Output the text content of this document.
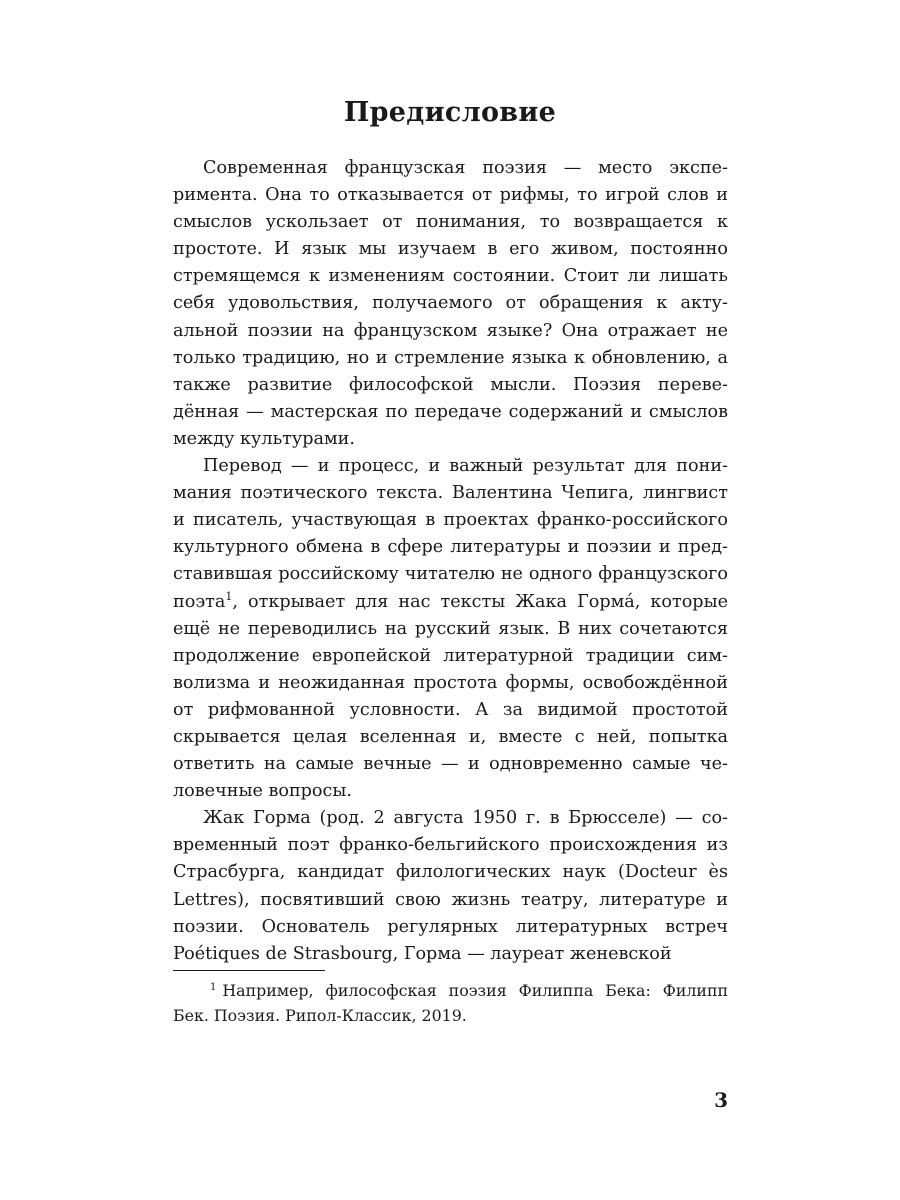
Предисловие

Современная французская поэзия — место эксперимента. Она то отказывается от рифмы, то игрой слов и смыслов ускользает от понимания, то возвращается к простоте. И язык мы изучаем в его живом, постоянно стремящемся к изменениям состоянии. Стоит ли лишать себя удовольствия, получаемого от обращения к актуальной поэзии на французском языке? Она отражает не только традицию, но и стремление языка к обновлению, а также развитие философской мысли. Поэзия переведённая — мастерская по передаче содержаний и смыслов между культурами.

Перевод — и процесс, и важный результат для понимания поэтического текста. Валентина Чепига, лингвист и писатель, участвующая в проектах франко-российского культурного обмена в сфере литературы и поэзии и представившая российскому читателю не одного французского поэта$^1$, открывает для нас тексты Жака Гормá, которые ещё не переводились на русский язык. В них сочетаются продолжение европейской литературной традиции символизма и неожиданная простота формы, освобождённой от рифмованной условности. А за видимой простотой скрывается целая вселенная и, вместе с ней, попытка ответить на самые вечные — и одновременно самые человечные вопросы.

Жак Горма (род. 2 августа 1950 г. в Брюсселе) — современный поэт франко-бельгийского происхождения из Страсбурга, кандидат филологических наук (Docteur ès Lettres), посвятивший свою жизнь театру, литературе и поэзии. Основатель регулярных литературных встреч Poétiques de Strasbourg, Горма — лауреат женевской

$^1$ Например, философская поэзия Филиппа Бека: Филипп Бек. Поэзия. Рипол-Классик, 2019.

3
